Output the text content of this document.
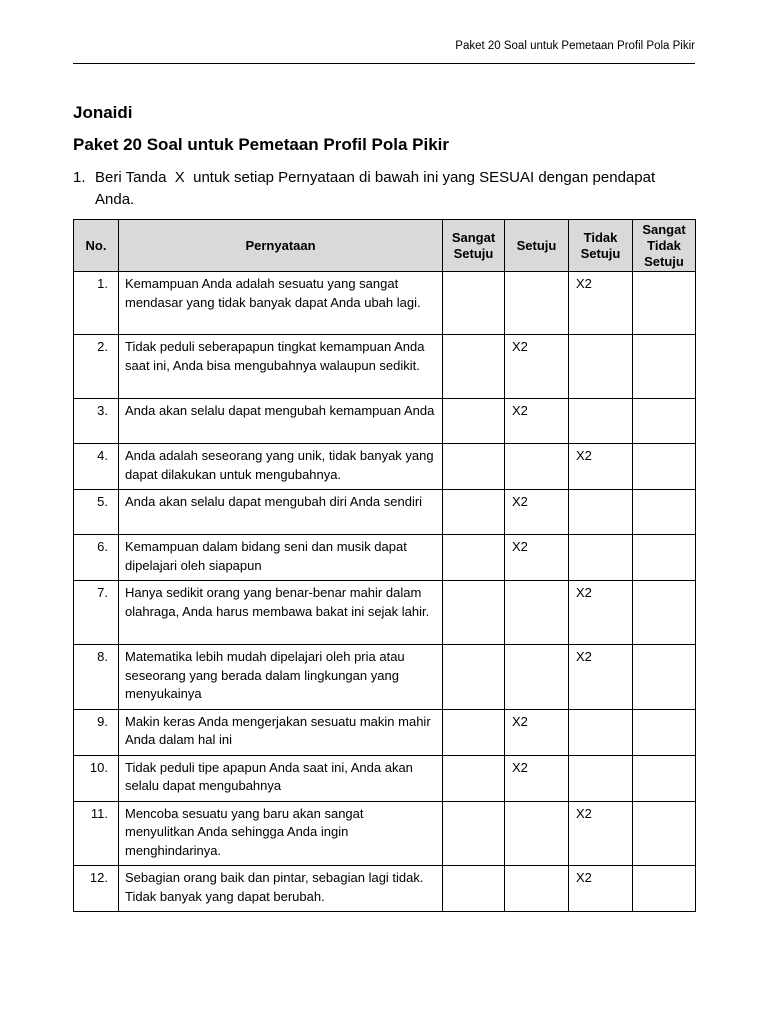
Paket 20 Soal untuk Pemetaan Profil Pola Pikir
Jonaidi
Paket 20 Soal untuk Pemetaan Profil Pola Pikir
1. Beri Tanda  X  untuk setiap Pernyataan di bawah ini yang SESUAI dengan pendapat Anda.
No.	Pernyataan	Sangat Setuju	Setuju	Tidak Setuju	Sangat Tidak Setuju
1.	Kemampuan Anda adalah sesuatu yang sangat mendasar yang tidak banyak dapat Anda ubah lagi.			X2	
2.	Tidak peduli seberapapun tingkat kemampuan Anda saat ini, Anda bisa mengubahnya walaupun sedikit.		X2		
3.	Anda akan selalu dapat mengubah kemampuan Anda		X2		
4.	Anda adalah seseorang yang unik, tidak banyak yang dapat dilakukan untuk mengubahnya.			X2	
5.	Anda akan selalu dapat mengubah diri Anda sendiri		X2		
6.	Kemampuan dalam bidang seni dan musik dapat dipelajari oleh siapapun		X2		
7.	Hanya sedikit orang yang benar-benar mahir dalam olahraga, Anda harus membawa bakat ini sejak lahir.			X2	
8.	Matematika lebih mudah dipelajari oleh pria atau seseorang yang berada dalam lingkungan yang menyukainya			X2	
9.	Makin keras Anda mengerjakan sesuatu makin mahir Anda dalam hal ini		X2		
10.	Tidak peduli tipe apapun Anda saat ini, Anda akan selalu dapat mengubahnya		X2		
11.	Mencoba sesuatu yang baru akan sangat menyulitkan Anda sehingga Anda ingin menghindarinya.			X2	
12.	Sebagian orang baik dan pintar, sebagian lagi tidak. Tidak banyak yang dapat berubah.			X2	
